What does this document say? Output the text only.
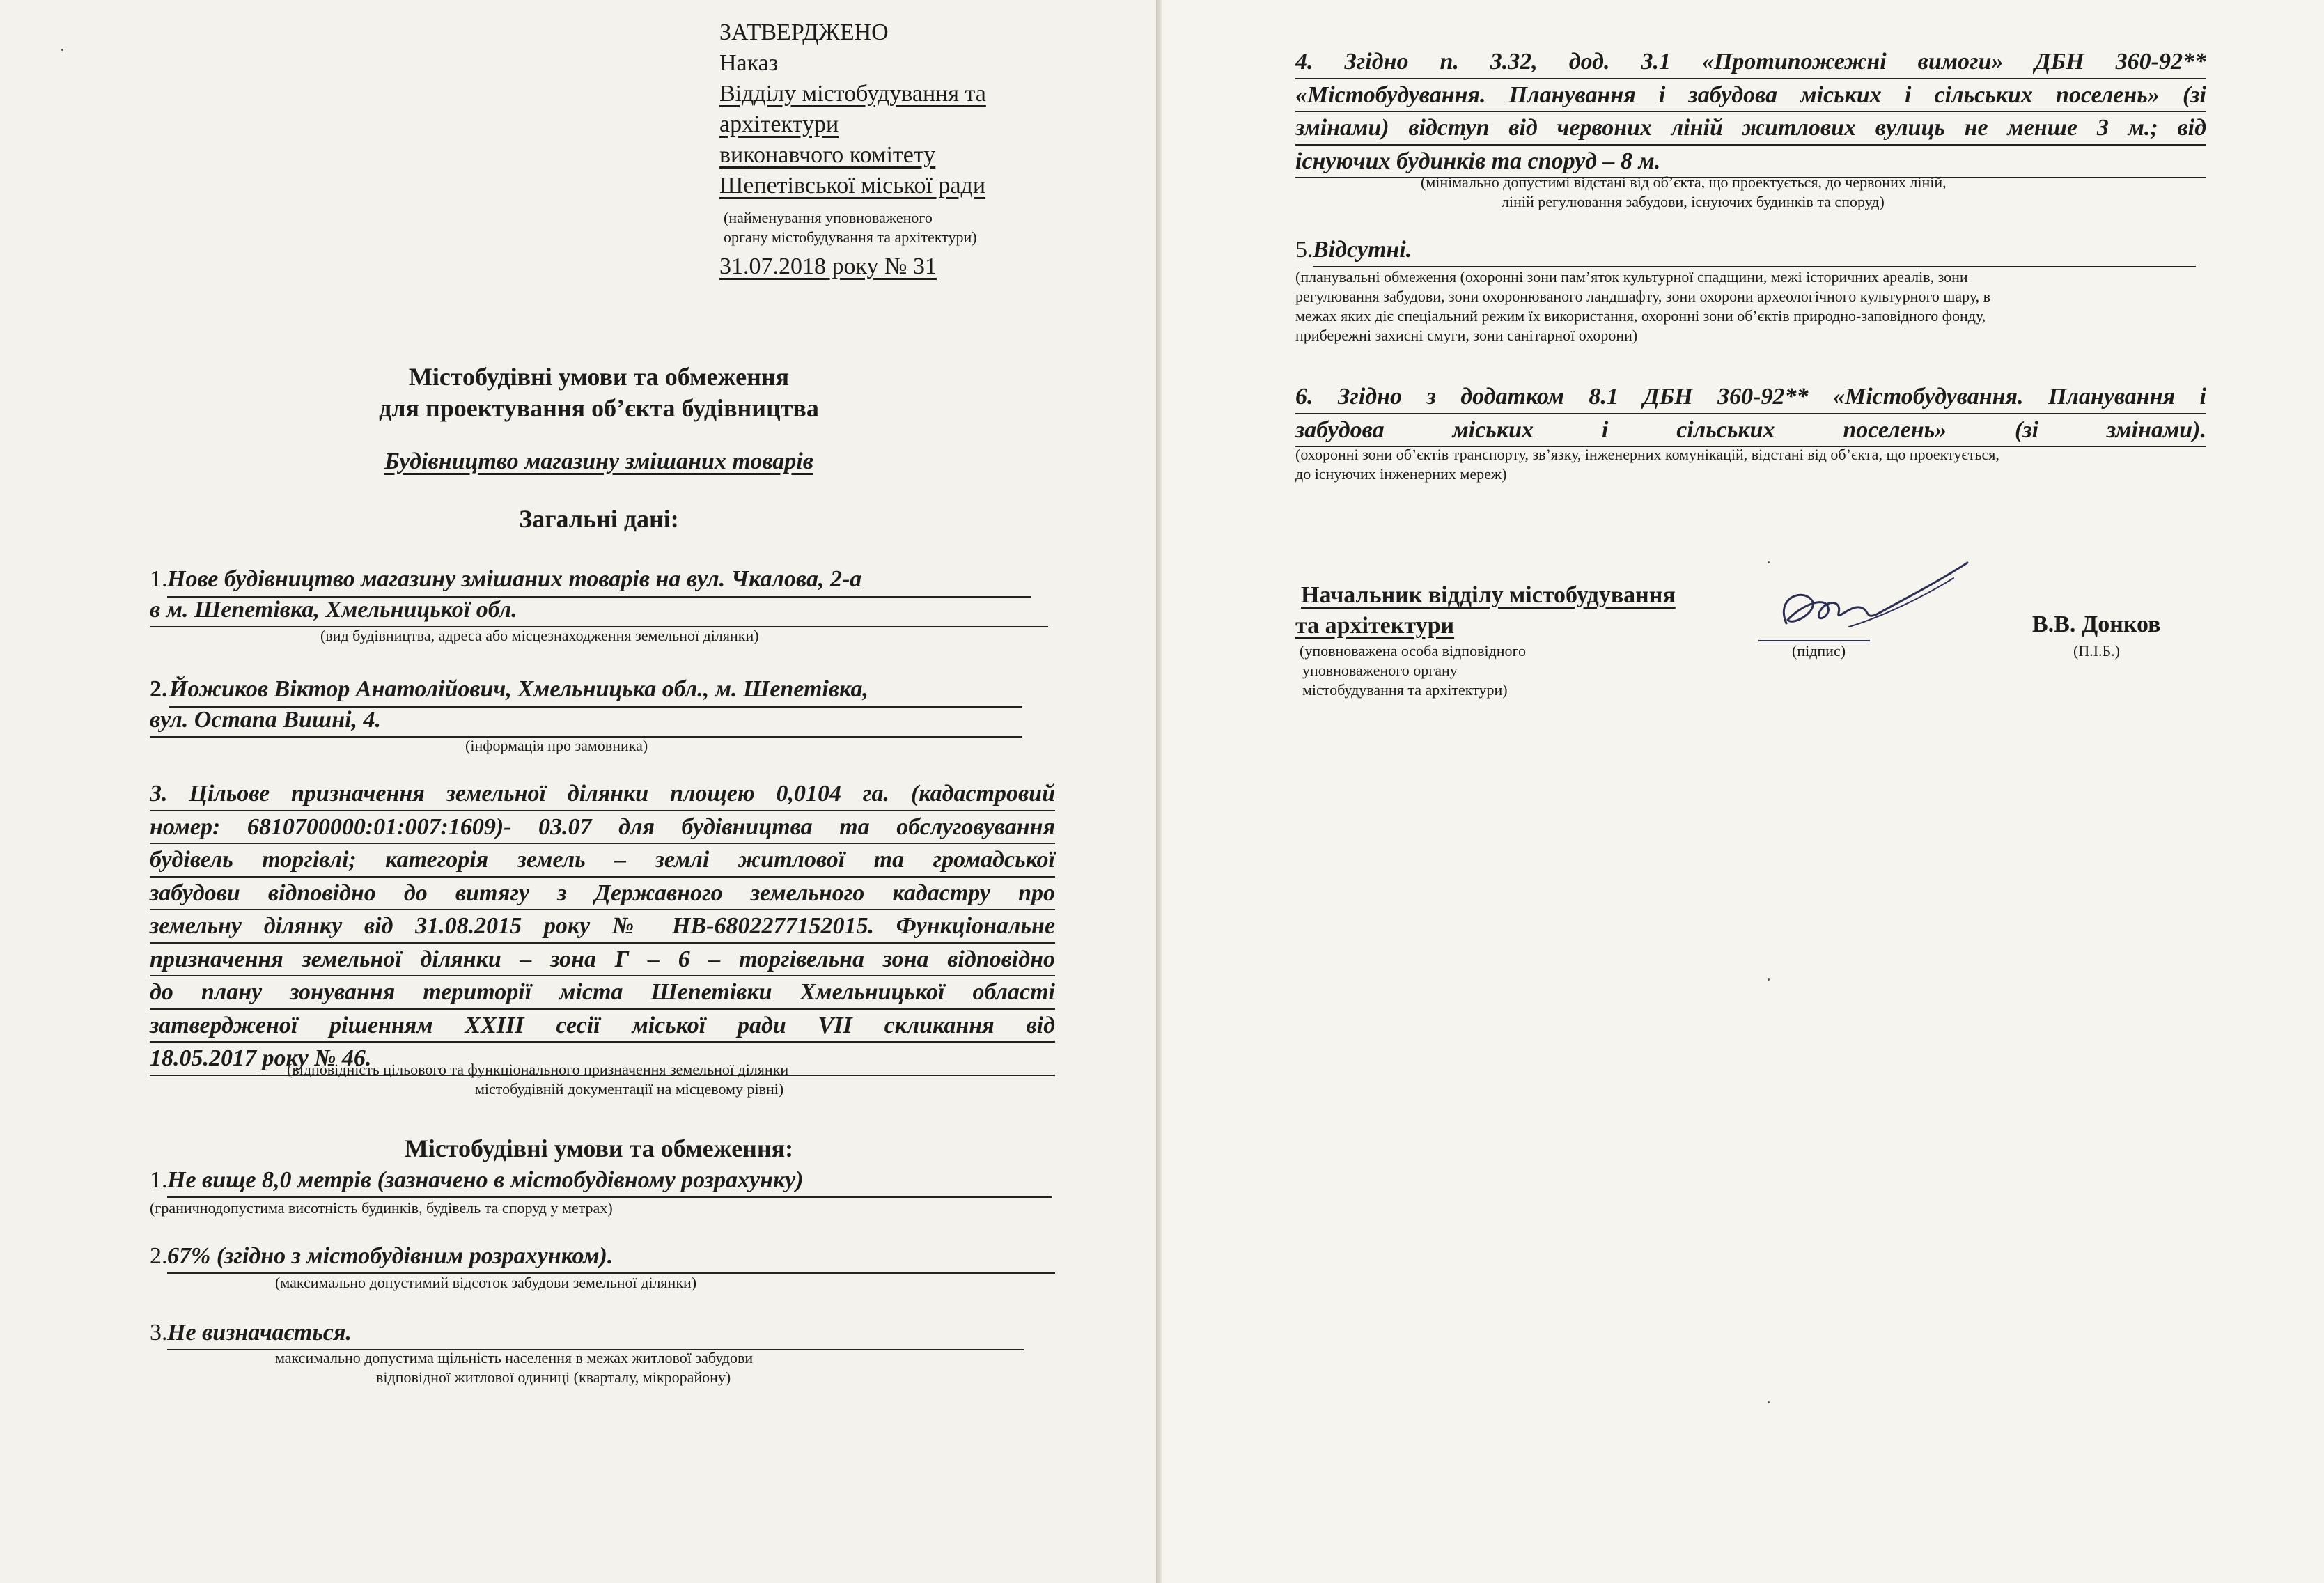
ЗАТВЕРДЖЕНО
Наказ
Відділу містобудування та
архітектури
виконавчого комітету
Шепетівської міської ради
(найменування уповноваженого
органу містобудування та архітектури)
31.07.2018 року № 31
Містобудівні умови та обмеження
для проектування об’єкта будівництва
Будівництво магазину змішаних товарів
Загальні дані:
1. Нове будівництво магазину змішаних товарів на вул. Чкалова, 2-а
в м. Шепетівка, Хмельницької обл.
(вид будівництва, адреса або місцезнаходження земельної ділянки)
2. Йожиков Віктор Анатолійович, Хмельницька обл., м. Шепетівка,
вул. Остапа Вишні, 4.
(інформація про замовника)
3. Цільове призначення земельної ділянки площею 0,0104 га. (кадастровий
номер: 6810700000:01:007:1609)- 03.07 для будівництва та обслуговування
будівель торгівлі; категорія земель – землі житлової та громадської
забудови відповідно до витягу з Державного земельного кадастру про
земельну ділянку від 31.08.2015 року № НВ-6802277152015. Функціональне
призначення земельної ділянки – зона Г – 6 – торгівельна зона відповідно
до плану зонування території міста Шепетівки Хмельницької області
затвердженої рішенням XXIII сесії міської ради VII скликання від
18.05.2017 року № 46.
(відповідність цільового та функціонального призначення земельної ділянки
містобудівній документації на місцевому рівні)
Містобудівні умови та обмеження:
1. Не вище 8,0 метрів (зазначено в містобудівному розрахунку)
(граничнодопустима висотність будинків, будівель та споруд у метрах)
2. 67% (згідно з містобудівним розрахунком).
(максимально допустимий відсоток забудови земельної ділянки)
3. Не визначається.
максимально допустима щільність населення в межах житлової забудови
відповідної житлової одиниці (кварталу, мікрорайону)
4. Згідно п. 3.32, дод. 3.1 «Протипожежні вимоги» ДБН 360-92**
«Містобудування. Планування і забудова міських і сільських поселень» (зі
змінами) відступ від червоних ліній житлових вулиць не менше 3 м.; від
існуючих будинків та споруд – 8 м.
(мінімально допустимі відстані від об’єкта, що проектується, до червоних ліній,
ліній регулювання забудови, існуючих будинків та споруд)
5. Відсутні.
(планувальні обмеження (охоронні зони пам’яток культурної спадщини, межі історичних ареалів, зони
регулювання забудови, зони охоронюваного ландшафту, зони охорони археологічного культурного шару, в
межах яких діє спеціальний режим їх використання, охоронні зони об’єктів природно-заповідного фонду,
прибережні захисні смуги, зони санітарної охорони)
6. Згідно з додатком 8.1 ДБН 360-92** «Містобудування. Планування і
забудова міських і сільських поселень» (зі змінами).
(охоронні зони об’єктів транспорту, зв’язку, інженерних комунікацій, відстані від об’єкта, що проектується,
до існуючих інженерних мереж)
Начальник відділу містобудування
та архітектури
(уповноважена особа відповідного
уповноваженого органу
містобудування та архітектури)
(підпис)
В.В. Донков
(П.І.Б.)
